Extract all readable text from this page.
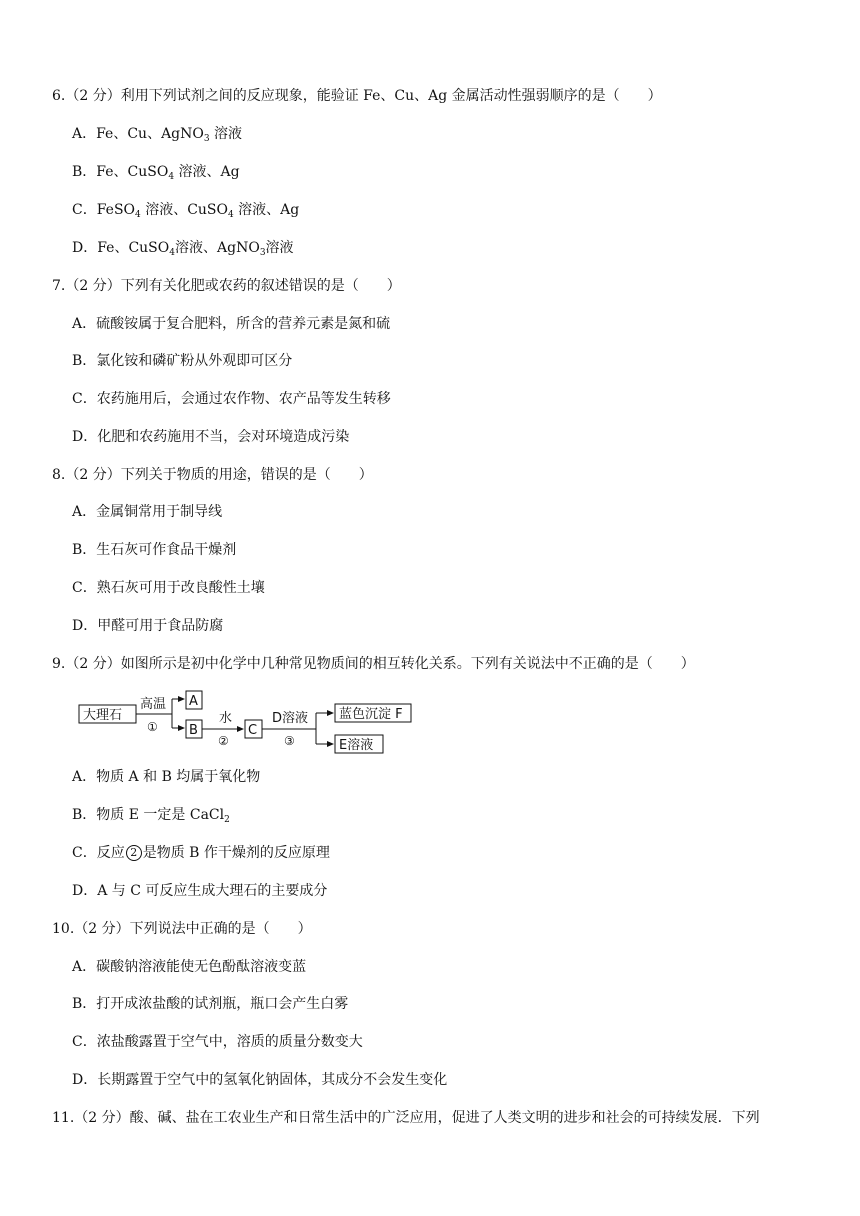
6.（2 分）利用下列试剂之间的反应现象，能验证 Fe、Cu、Ag 金属活动性强弱顺序的是（　　）
A．Fe、Cu、AgNO$_3$ 溶液
B．Fe、CuSO$_4$ 溶液、Ag
C．FeSO$_4$ 溶液、CuSO$_4$ 溶液、Ag
D．Fe、CuSO$_4$溶液、AgNO$_3$溶液
7.（2 分）下列有关化肥或农药的叙述错误的是（　　）
A．硫酸铵属于复合肥料，所含的营养元素是氮和硫
B．氯化铵和磷矿粉从外观即可区分
C．农药施用后，会通过农作物、农产品等发生转移
D．化肥和农药施用不当，会对环境造成污染
8.（2 分）下列关于物质的用途，错误的是（　　）
A．金属铜常用于制导线
B．生石灰可作食品干燥剂
C．熟石灰可用于改良酸性土壤
D．甲醛可用于食品防腐
9.（2 分）如图所示是初中化学中几种常见物质间的相互转化关系。下列有关说法中不正确的是（　　）
大理石
高温
①
A
B
水
②
C
D溶液
③
蓝色沉淀 F
E溶液
A．物质 A 和 B 均属于氧化物
B．物质 E 一定是 CaCl$_2$
C．反应 2 是物质 B 作干燥剂的反应原理
D．A 与 C 可反应生成大理石的主要成分
10.（2 分）下列说法中正确的是（　　）
A．碳酸钠溶液能使无色酚酞溶液变蓝
B．打开成浓盐酸的试剂瓶，瓶口会产生白雾
C．浓盐酸露置于空气中，溶质的质量分数变大
D．长期露置于空气中的氢氧化钠固体，其成分不会发生变化
11.（2 分）酸、碱、盐在工农业生产和日常生活中的广泛应用，促进了人类文明的进步和社会的可持续发展．下列
